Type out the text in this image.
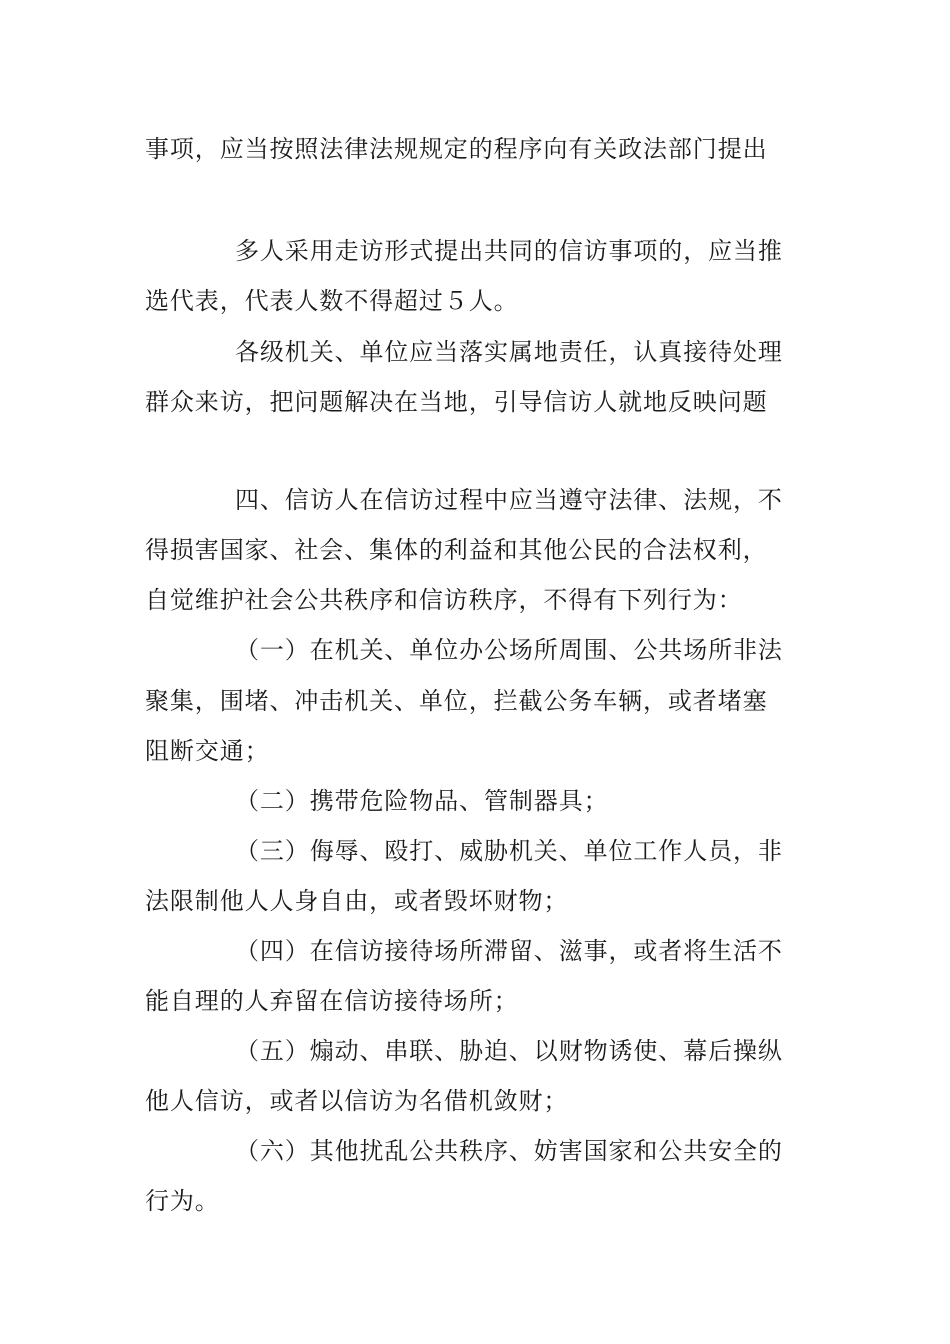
事项，应当按照法律法规规定的程序向有关政法部门提出
多人采用走访形式提出共同的信访事项的，应当推
选代表，代表人数不得超过５人。
各级机关、单位应当落实属地责任，认真接待处理
群众来访，把问题解决在当地，引导信访人就地反映问题
四、信访人在信访过程中应当遵守法律、法规，不
得损害国家、社会、集体的利益和其他公民的合法权利，
自觉维护社会公共秩序和信访秩序，不得有下列行为：
（一）在机关、单位办公场所周围、公共场所非法
聚集，围堵、冲击机关、单位，拦截公务车辆，或者堵塞
阻断交通；
（二）携带危险物品、管制器具；
（三）侮辱、殴打、威胁机关、单位工作人员，非
法限制他人人身自由，或者毁坏财物；
（四）在信访接待场所滞留、滋事，或者将生活不
能自理的人弃留在信访接待场所；
（五）煽动、串联、胁迫、以财物诱使、幕后操纵
他人信访，或者以信访为名借机敛财；
（六）其他扰乱公共秩序、妨害国家和公共安全的
行为。
